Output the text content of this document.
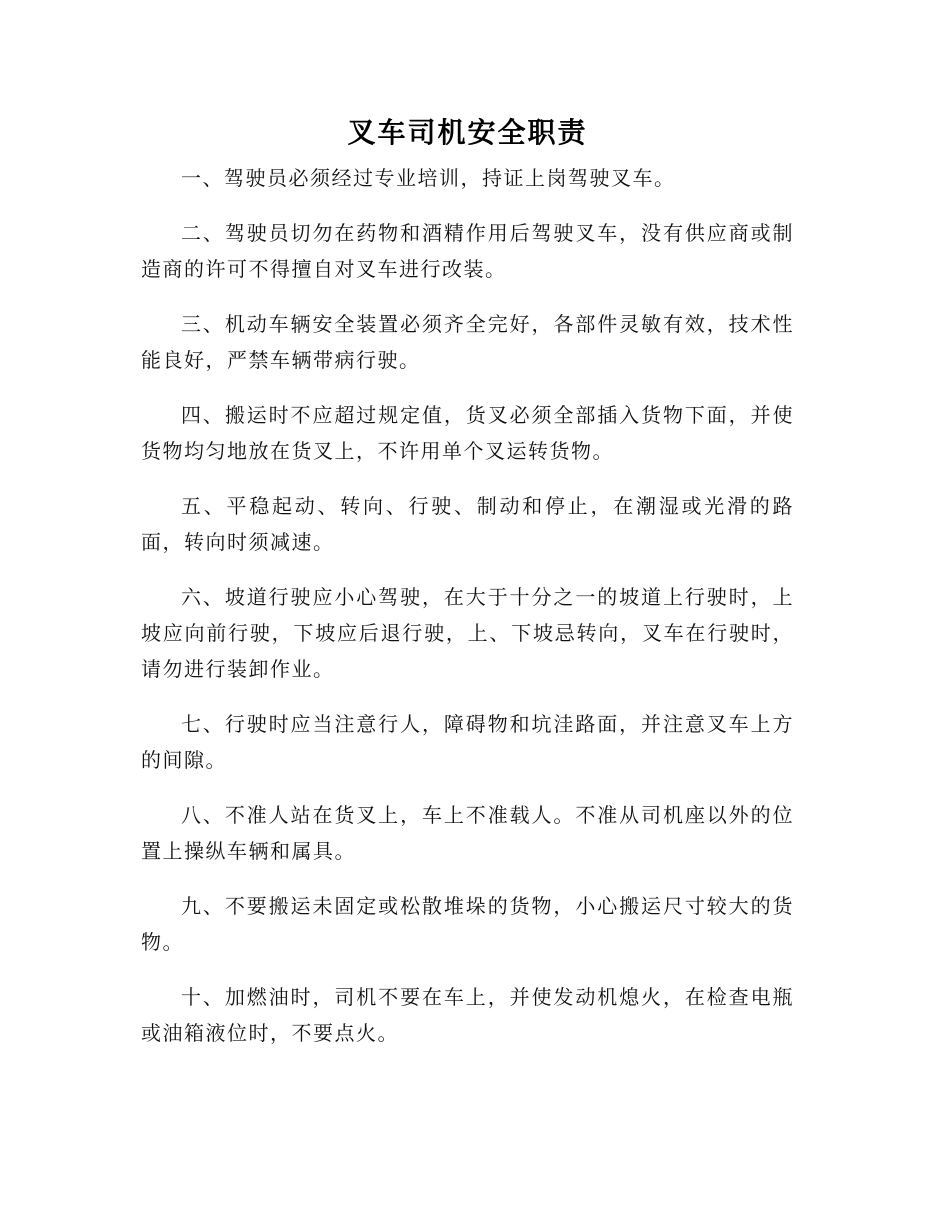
叉车司机安全职责

一、驾驶员必须经过专业培训，持证上岗驾驶叉车。

二、驾驶员切勿在药物和酒精作用后驾驶叉车，没有供应商或制造商的许可不得擅自对叉车进行改装。

三、机动车辆安全装置必须齐全完好，各部件灵敏有效，技术性能良好，严禁车辆带病行驶。

四、搬运时不应超过规定值，货叉必须全部插入货物下面，并使货物均匀地放在货叉上，不许用单个叉运转货物。

五、平稳起动、转向、行驶、制动和停止，在潮湿或光滑的路面，转向时须减速。

六、坡道行驶应小心驾驶，在大于十分之一的坡道上行驶时，上坡应向前行驶，下坡应后退行驶，上、下坡忌转向，叉车在行驶时，请勿进行装卸作业。

七、行驶时应当注意行人，障碍物和坑洼路面，并注意叉车上方的间隙。

八、不准人站在货叉上，车上不准载人。不准从司机座以外的位置上操纵车辆和属具。

九、不要搬运未固定或松散堆垛的货物，小心搬运尺寸较大的货物。

十、加燃油时，司机不要在车上，并使发动机熄火，在检查电瓶或油箱液位时，不要点火。
